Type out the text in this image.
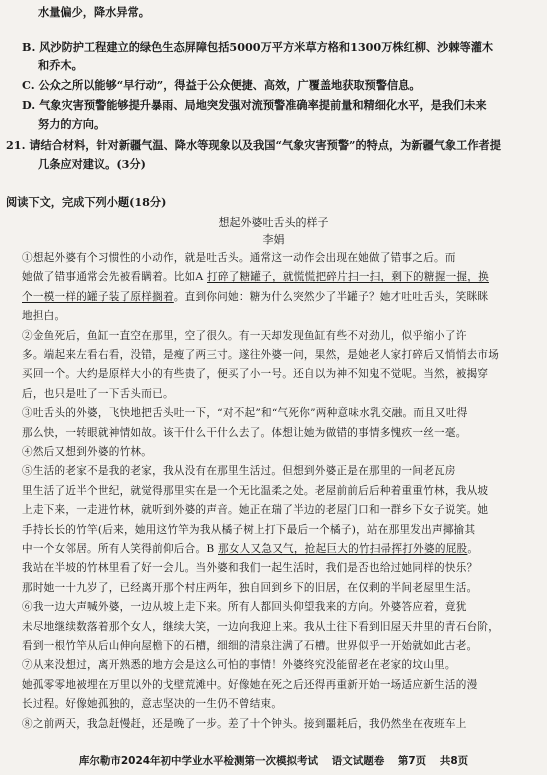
水量偏少，降水异常。
B. 风沙防护工程建立的绿色生态屏障包括5000万平方米草方格和1300万株红柳、沙棘等灌木
和乔木。
C. 公众之所以能够“早行动”，得益于公众便捷、高效，广覆盖地获取预警信息。
D. 气象灾害预警能够提升暴雨、局地突发强对流预警准确率提前量和精细化水平，是我们未来
努力的方向。
21. 请结合材料，针对新疆气温、降水等现象以及我国“气象灾害预警”的特点，为新疆气象工作者提
几条应对建议。(3分)
阅读下文，完成下列小题(18分)
想起外婆吐舌头的样子
李娟
①想起外婆有个习惯性的小动作，就是吐舌头。通常这一动作会出现在她做了错事之后。而
她做了错事通常会先被看瞒着。比如A 打碎了糖罐子，就慌慌把碎片扫一扫，剩下的糖握一握，换
个一模一样的罐子装了原样搁着。直到你问她：糖为什么突然少了半罐子？她才吐吐舌头，笑眯眯
地担白。
②金鱼死后，鱼缸一直空在那里，空了很久。有一天却发现鱼缸有些不对劲儿，似乎缩小了许
多。端起来左看右看，没错，是瘦了两三寸。遂往外婆一问，果然，是她老人家打碎后又悄悄去市场
买回一个。大约是原样大小的有些贵了，便买了小一号。还自以为神不知鬼不觉呢。当然，被揭穿
后，也只是吐了一下舌头而已。
③吐舌头的外婆，飞快地把舌头吐一下，“对不起”和“气死你”两种意味水乳交融。而且又吐得
那么快，一转眼就神情如故。该干什么干什么去了。体想让她为做错的事情多愧疚一丝一毫。
④然后又想到外婆的竹林。
⑤生活的老家不是我的老家，我从没有在那里生活过。但想到外婆正是在那里的一间老瓦房
里生活了近半个世纪，就觉得那里实在是一个无比温柔之处。老屋前前后后种着重重竹林，我从坡
上走下来，一走进竹林，就听到外婆的声音。她正在瑞了半边的老屋门口和一群乡下女子说笑。她
手持长长的竹竿(后来，她用这竹竿为我从橘子树上打下最后一个橘子)，站在那里发出声揶揄其
中一个女邻居。所有人笑得前仰后合。B 那女人又急又气，抢起巨大的竹扫帚挥打外婆的屁股。
我站在半坡的竹林里看了好一会儿。当外婆和我们一起生活时，我们是否也给过她同样的快乐？
那时她一十九岁了，已经离开那个村庄两年，独自回到乡下的旧居，在仅剩的半间老屋里生活。
⑥我一边大声喊外婆，一边从坡上走下来。所有人都回头仰望我来的方向。外婆答应着，竟犹
未尽地继续数落着那个女人，继续大笑，一边向我迎上来。我从土往下看到旧屋天井里的青石台阶，
看到一根竹竿从后山伸向屋檐下的石槽，细细的清泉注满了石槽。世界似乎一开始就如此古老。
⑦从来没想过，离开熟悉的地方会是这么可怕的事情！外婆终究没能留老在老家的坟山里。
她孤零零地被埋在万里以外的戈壁荒滩中。好像她在死之后还得再重新开始一场适应新生活的漫
长过程。好像她孤独的，意志坚决的一生仍不曾结束。
⑧之前两天，我急赶慢赶，还是晚了一步。差了十个钟头。接到噩耗后，我仍然坐在夜班车上
库尔勒市2024年初中学业水平检测第一次模拟考试 语文试题卷 第7页 共8页
